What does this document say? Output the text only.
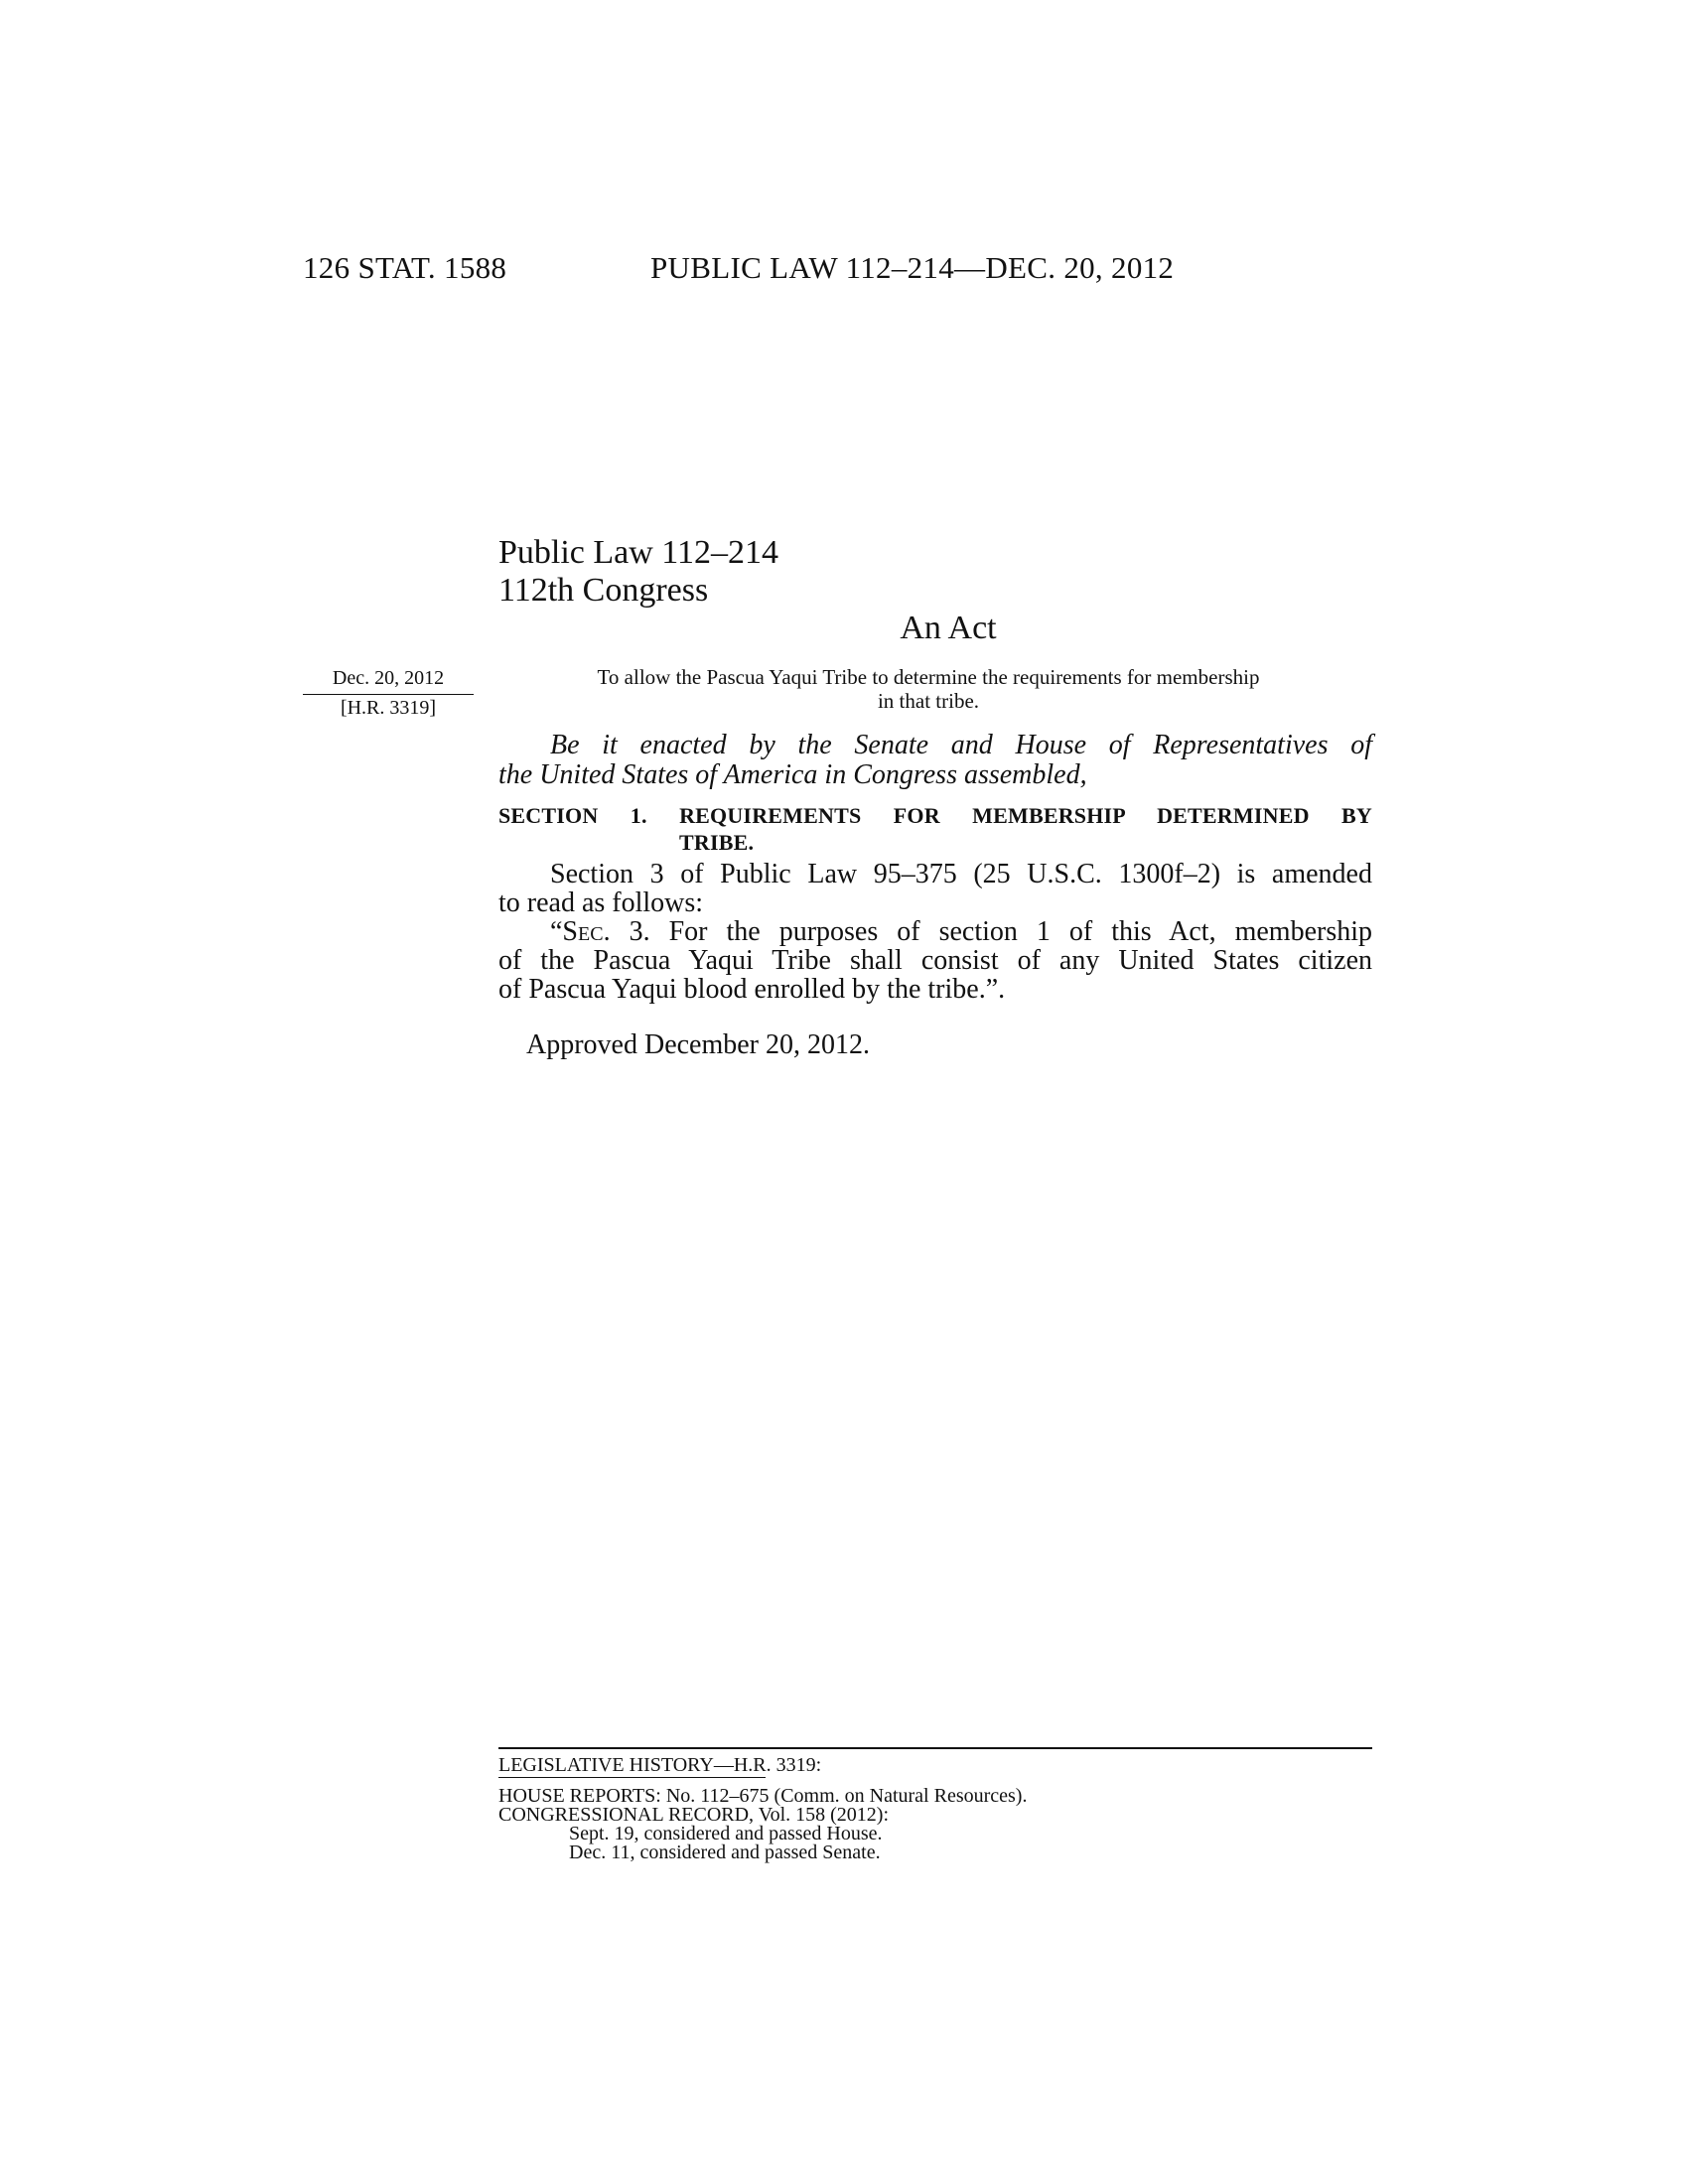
126 STAT. 1588	PUBLIC LAW 112–214—DEC. 20, 2012
Public Law 112–214
112th Congress
An Act
Dec. 20, 2012
[H.R. 3319]
To allow the Pascua Yaqui Tribe to determine the requirements for membership
in that tribe.
Be it enacted by the Senate and House of Representatives of
the United States of America in Congress assembled,
SECTION 1. REQUIREMENTS FOR MEMBERSHIP DETERMINED BY
TRIBE.
Section 3 of Public Law 95–375 (25 U.S.C. 1300f–2) is amended
to read as follows:
“Sec. 3. For the purposes of section 1 of this Act, membership
of the Pascua Yaqui Tribe shall consist of any United States citizen
of Pascua Yaqui blood enrolled by the tribe.”.
Approved December 20, 2012.
LEGISLATIVE HISTORY—H.R. 3319:
HOUSE REPORTS: No. 112–675 (Comm. on Natural Resources).
CONGRESSIONAL RECORD, Vol. 158 (2012):
Sept. 19, considered and passed House.
Dec. 11, considered and passed Senate.
